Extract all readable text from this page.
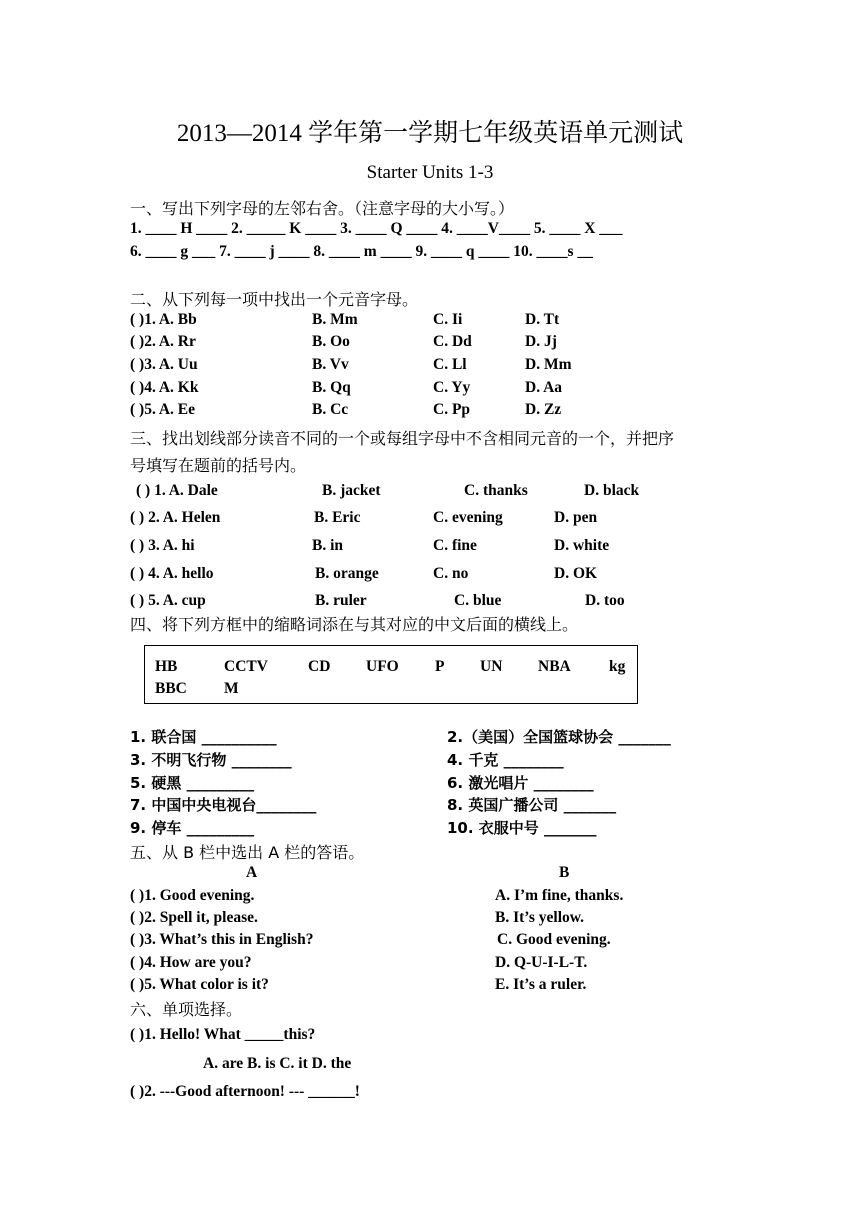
2013—2014 学年第一学期七年级英语单元测试
Starter Units 1-3
一、写出下列字母的左邻右舍。（注意字母的大小写。）
1. ____ H ____ 2. _____ K ____ 3. ____ Q ____ 4. ____V____ 5. ____ X ___
6. ____ g ___ 7. ____ j ____ 8. ____ m ____ 9. ____ q ____ 10. ____s __
二、从下列每一项中找出一个元音字母。
( )1. A. Bb	B. Mm	C. Ii	D. Tt
( )2. A. Rr	B. Oo	C. Dd	D. Jj
( )3. A. Uu	B. Vv	C. Ll	D. Mm
( )4. A. Kk	B. Qq	C. Yy	D. Aa
( )5. A. Ee	B. Cc	C. Pp	D. Zz
三、找出划线部分读音不同的一个或每组字母中不含相同元音的一个，并把序
号填写在题前的括号内。
( ) 1. A. Dale	B. jacket	C. thanks	D. black
( ) 2. A. Helen	B. Eric	C. evening	D. pen
( ) 3. A. hi	B. in	C. fine	D. white
( ) 4. A. hello	B. orange	C. no	D. OK
( ) 5. A. cup	B. ruler	C. blue	D. too
四、将下列方框中的缩略词添在与其对应的中文后面的横线上。
HB	CCTV	CD UFO P UN NBA kg
BBC M
1. 联合国 __________	2.（美国）全国篮球协会 _______
3. 不明飞行物 ________	4. 千克 ________
5. 硬黑 _________	6. 激光唱片 ________
7. 中国中央电视台________	8. 英国广播公司 _______
9. 停车 _________	10. 衣服中号 _______
五、从 B 栏中选出 A 栏的答语。
A	B
( )1. Good evening.	A. I’m fine, thanks.
( )2. Spell it, please.	B. It’s yellow.
( )3. What’s this in English?	C. Good evening.
( )4. How are you?	D. Q-U-I-L-T.
( )5. What color is it?	E. It’s a ruler.
六、单项选择。
( )1. Hello! What _____this?
A. are B. is C. it D. the
( )2. ---Good afternoon! --- ______!
